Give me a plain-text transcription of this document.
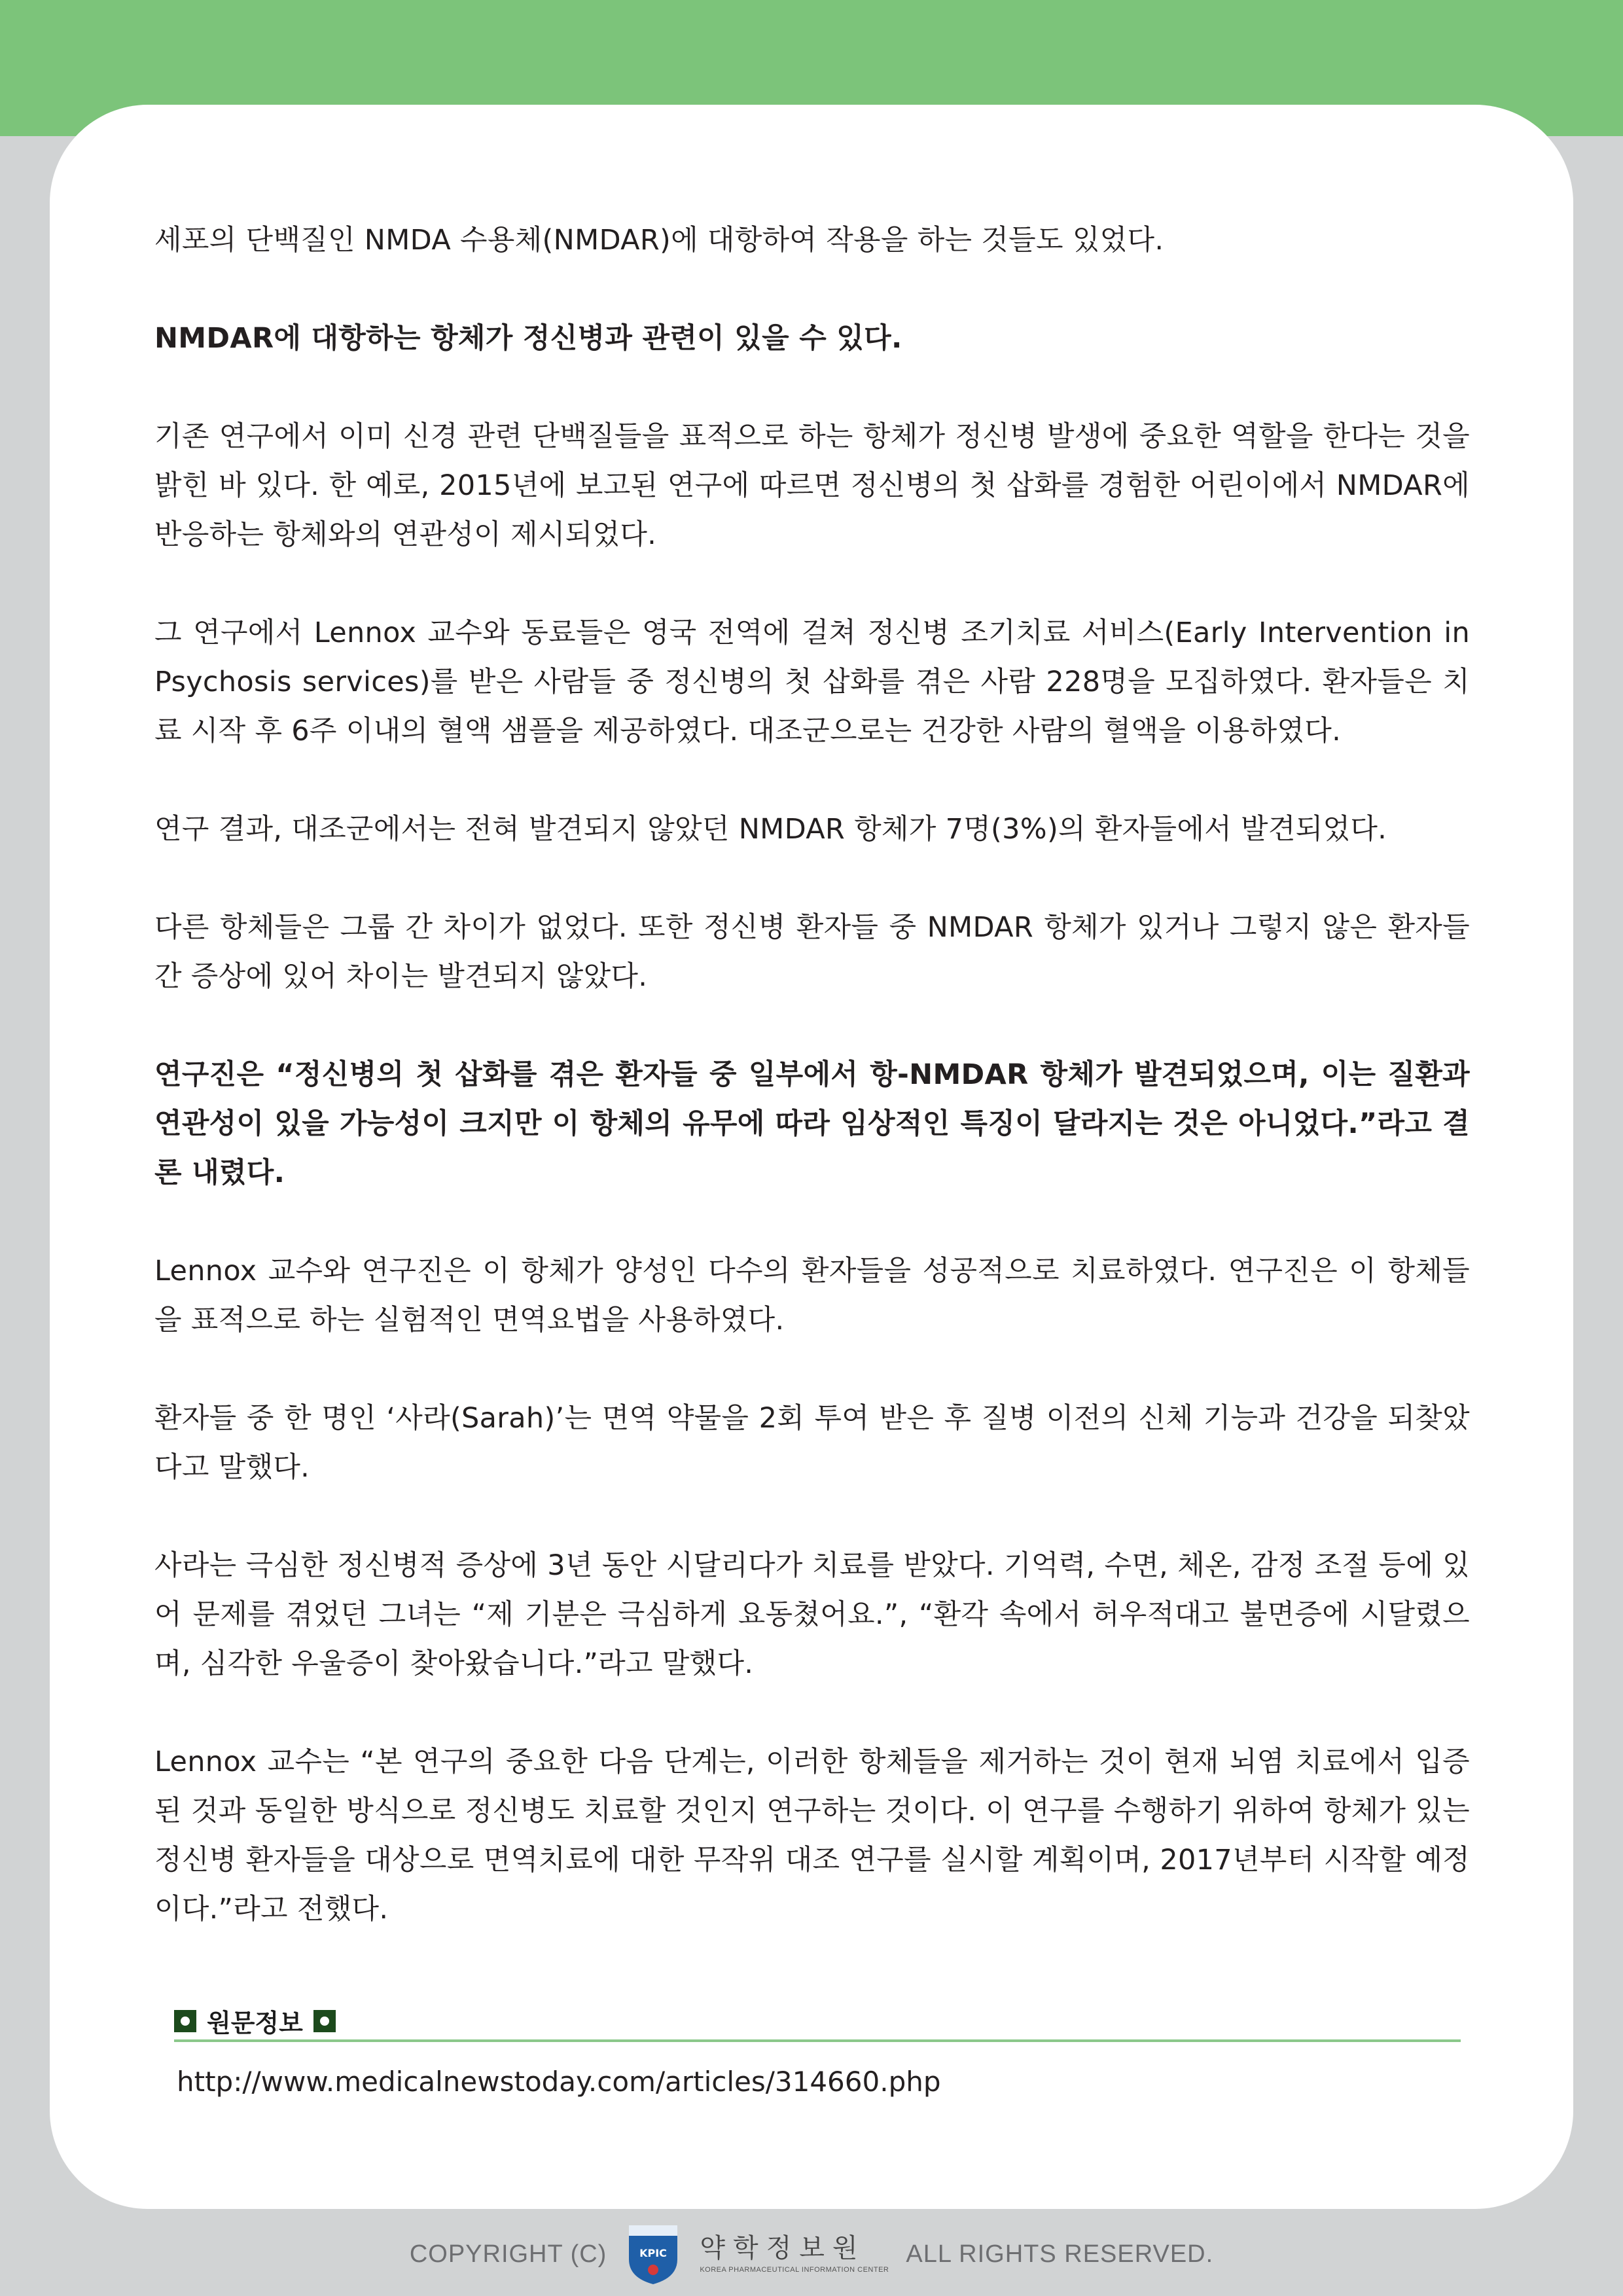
세포의 단백질인 NMDA 수용체(NMDAR)에 대항하여 작용을 하는 것들도 있었다.

NMDAR에 대항하는 항체가 정신병과 관련이 있을 수 있다.

기존 연구에서 이미 신경 관련 단백질들을 표적으로 하는 항체가 정신병 발생에 중요한 역할을 한다는 것을 밝힌 바 있다. 한 예로, 2015년에 보고된 연구에 따르면 정신병의 첫 삽화를 경험한 어린이에서 NMDAR에 반응하는 항체와의 연관성이 제시되었다.

그 연구에서 Lennox 교수와 동료들은 영국 전역에 걸쳐 정신병 조기치료 서비스(Early Intervention in Psychosis services)를 받은 사람들 중 정신병의 첫 삽화를 겪은 사람 228명을 모집하였다. 환자들은 치료 시작 후 6주 이내의 혈액 샘플을 제공하였다. 대조군으로는 건강한 사람의 혈액을 이용하였다.

연구 결과, 대조군에서는 전혀 발견되지 않았던 NMDAR 항체가 7명(3%)의 환자들에서 발견되었다.

다른 항체들은 그룹 간 차이가 없었다. 또한 정신병 환자들 중 NMDAR 항체가 있거나 그렇지 않은 환자들 간 증상에 있어 차이는 발견되지 않았다.

연구진은 “정신병의 첫 삽화를 겪은 환자들 중 일부에서 항-NMDAR 항체가 발견되었으며, 이는 질환과 연관성이 있을 가능성이 크지만 이 항체의 유무에 따라 임상적인 특징이 달라지는 것은 아니었다.”라고 결론 내렸다.

Lennox 교수와 연구진은 이 항체가 양성인 다수의 환자들을 성공적으로 치료하였다. 연구진은 이 항체들을 표적으로 하는 실험적인 면역요법을 사용하였다.

환자들 중 한 명인 ‘사라(Sarah)’는 면역 약물을 2회 투여 받은 후 질병 이전의 신체 기능과 건강을 되찾았다고 말했다.

사라는 극심한 정신병적 증상에 3년 동안 시달리다가 치료를 받았다. 기억력, 수면, 체온, 감정 조절 등에 있어 문제를 겪었던 그녀는 “제 기분은 극심하게 요동쳤어요.”, “환각 속에서 허우적대고 불면증에 시달렸으며, 심각한 우울증이 찾아왔습니다.”라고 말했다.

Lennox 교수는 “본 연구의 중요한 다음 단계는, 이러한 항체들을 제거하는 것이 현재 뇌염 치료에서 입증된 것과 동일한 방식으로 정신병도 치료할 것인지 연구하는 것이다. 이 연구를 수행하기 위하여 항체가 있는 정신병 환자들을 대상으로 면역치료에 대한 무작위 대조 연구를 실시할 계획이며, 2017년부터 시작할 예정이다.”라고 전했다.

원문정보
http://www.medicalnewstoday.com/articles/314660.php
COPYRIGHT (C)	KPIC 약학정보원
KOREA PHARMACEUTICAL INFORMATION CENTER
ALL RIGHTS RESERVED.
